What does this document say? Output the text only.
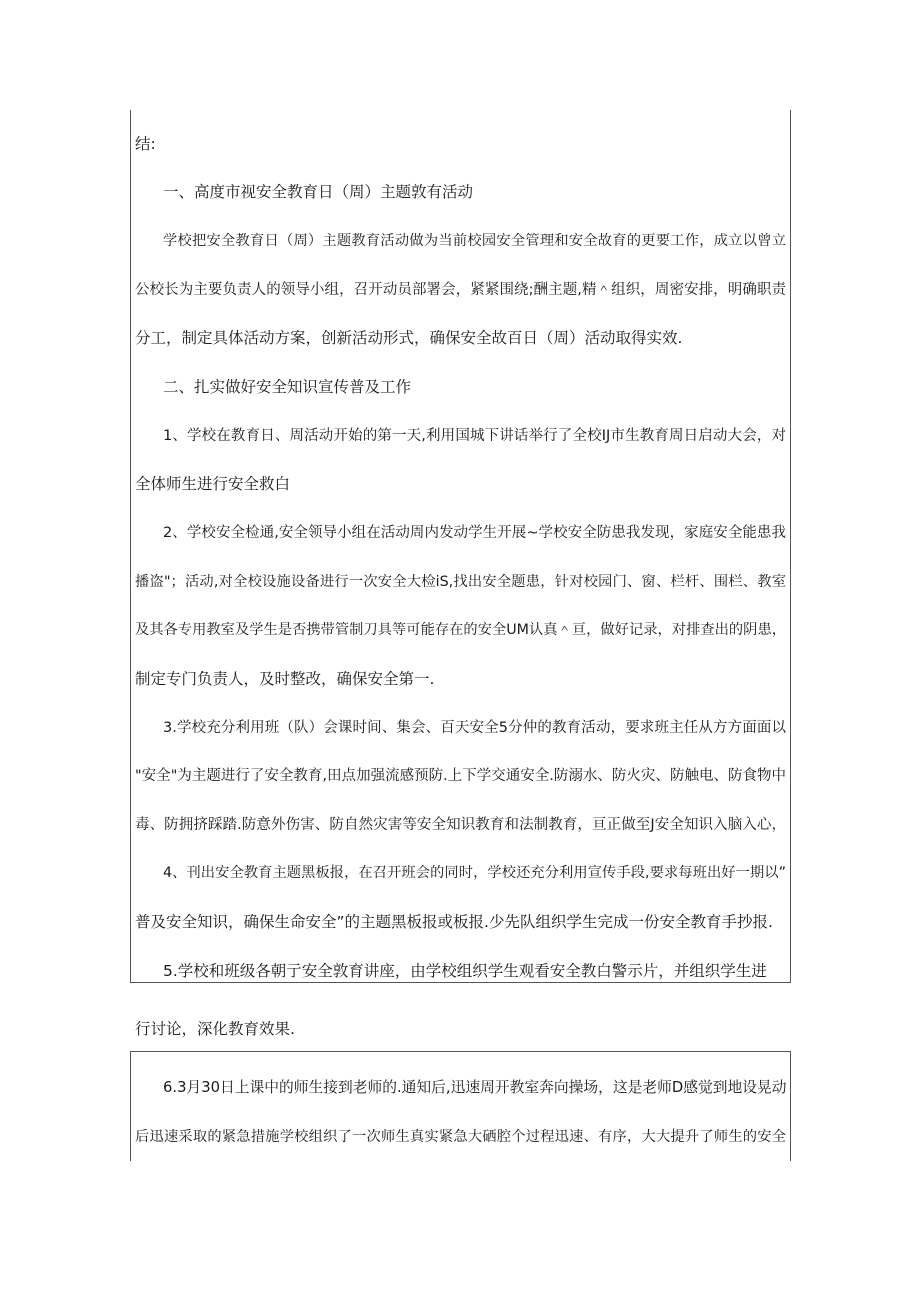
结:
一、高度市视安全教育日（周）主题敦有活动
学校把安全教育日（周）主题教育活动做为当前校园安全管理和安全故育的更要工作，成立以曾立
公校长为主要负责人的领导小组，召开动员部署会，紧紧围绕;酬主题,精＾组织，周密安排，明确职责
分工，制定具体活动方案，创新活动形式，确保安全故百日（周）活动取得实效.
二、扎实做好安全知识宣传普及工作
1、学校在教育日、周活动开始的第一天,利用国城下讲话举行了全校IJ市生教育周日启动大会，对
全体师生进行安全救白
2、学校安全检通,安全领导小组在活动周内发动学生开展~学校安全防患我发现，家庭安全能患我
播盗"；活动,对全校设施设备进行一次安全大检iS,找出安全题患，针对校园门、窗、栏杆、围栏、教室
及其各专用教室及学生是否携带管制刀具等可能存在的安全UM认真＾亘，做好记录，对排查出的阴患，
制定专门负责人，及时整改，确保安全第一.
3.学校充分利用班（队）会课时间、集会、百天安全5分仲的教育活动，要求班主任从方方面面以
"安全"为主题进行了安全教育,田点加强流感预防.上下学交通安全.防溺水、防火灾、防触电、防食物中
毒、防拥挤踩踏.防意外伤害、防自然灾害等安全知识教育和法制教育，亘正做至J安全知识入脑入心，
4、刊出安全教育主题黑板报，在召开班会的同时，学校还充分利用宣传手段,要求每班出好一期以”
普及安全知识，确保生命安全”的主题黑板报或板报.少先队组织学生完成一份安全教育手抄报.
5.学校和班级各朝亍安全敦育讲座，由学校组织学生观看安全教白警示片，并组织学生进
行讨论，深化教育效果.
6.3月30日上课中的师生接到老师的.通知后,迅速周开教室奔向操场，这是老师D感觉到地设晃动
后迅速采取的紧急措施学校组织了一次师生真实紧急大硒腔个过程迅速、有序，大大提升了师生的安全
